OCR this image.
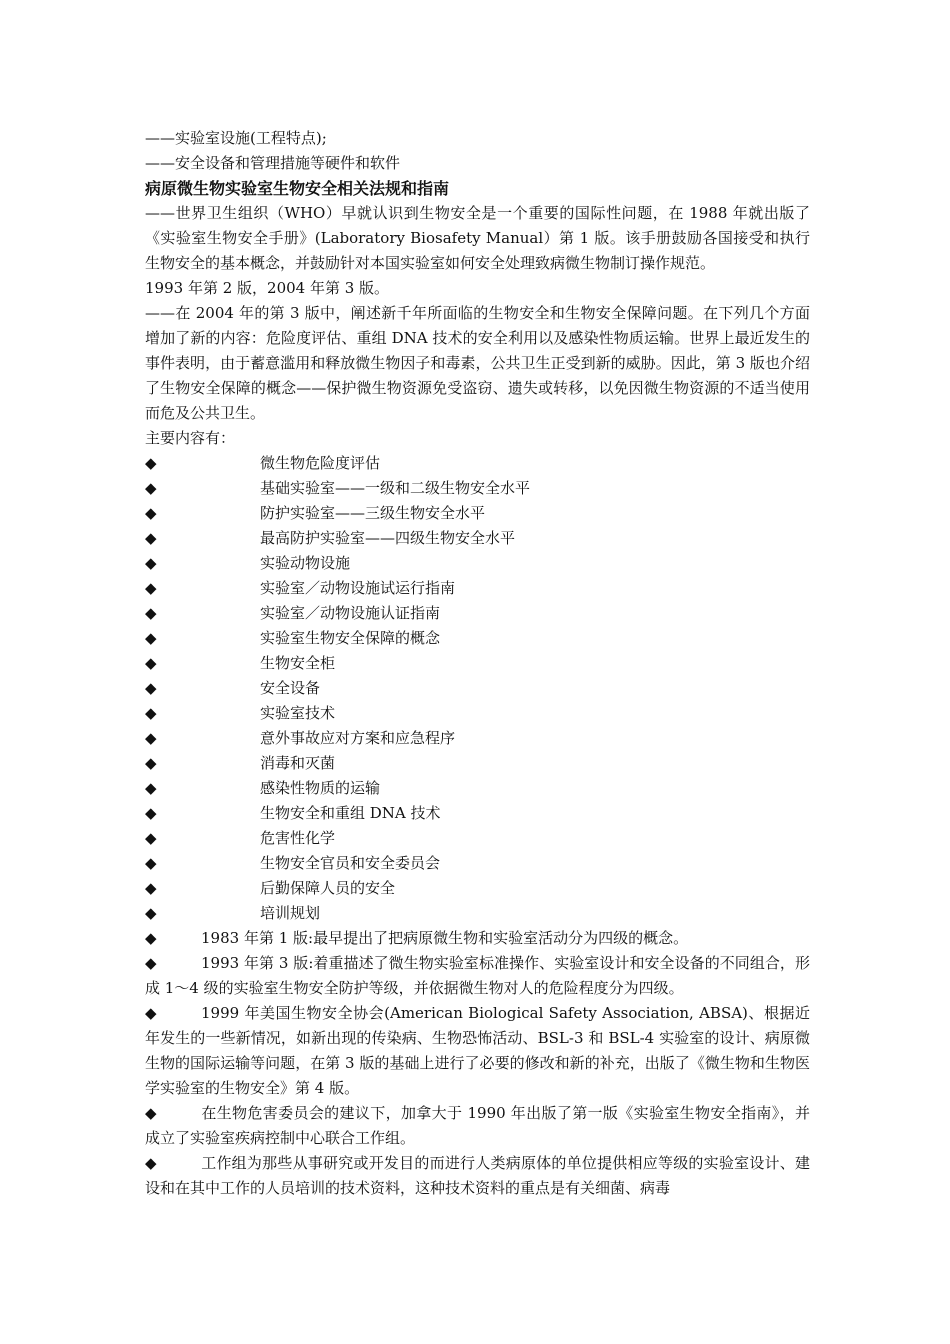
——实验室设施(工程特点);

——安全设备和管理措施等硬件和软件

病原微生物实验室生物安全相关法规和指南

——世界卫生组织（WHO）早就认识到生物安全是一个重要的国际性问题，在 1988 年就出版了《实验室生物安全手册》(Laboratory Biosafety Manual）第 1 版。该手册鼓励各国接受和执行生物安全的基本概念，并鼓励针对本国实验室如何安全处理致病微生物制订操作规范。

1993 年第 2 版，2004 年第 3 版。

——在 2004 年的第 3 版中，阐述新千年所面临的生物安全和生物安全保障问题。在下列几个方面增加了新的内容：危险度评估、重组 DNA 技术的安全利用以及感染性物质运输。世界上最近发生的事件表明，由于蓄意滥用和释放微生物因子和毒素，公共卫生正受到新的威胁。因此，第 3 版也介绍了生物安全保障的概念——保护微生物资源免受盗窃、遗失或转移，以免因微生物资源的不适当使用而危及公共卫生。

主要内容有：

◆	微生物危险度评估
◆	基础实验室——一级和二级生物安全水平
◆	防护实验室——三级生物安全水平
◆	最高防护实验室——四级生物安全水平
◆	实验动物设施
◆	实验室／动物设施试运行指南
◆	实验室／动物设施认证指南
◆	实验室生物安全保障的概念
◆	生物安全柜
◆	安全设备
◆	实验室技术
◆	意外事故应对方案和应急程序
◆	消毒和灭菌
◆	感染性物质的运输
◆	生物安全和重组 DNA 技术
◆	危害性化学
◆	生物安全官员和安全委员会
◆	后勤保障人员的安全
◆	培训规划

◆	1983 年第 1 版:最早提出了把病原微生物和实验室活动分为四级的概念。

◆	1993 年第 3 版:着重描述了微生物实验室标准操作、实验室设计和安全设备的不同组合，形成 1～4 级的实验室生物安全防护等级，并依据微生物对人的危险程度分为四级。

◆	1999 年美国生物安全协会(American Biological Safety Association, ABSA)、根据近年发生的一些新情况，如新出现的传染病、生物恐怖活动、BSL-3 和 BSL-4 实验室的设计、病原微生物的国际运输等问题，在第 3 版的基础上进行了必要的修改和新的补充，出版了《微生物和生物医学实验室的生物安全》第 4 版。

◆	在生物危害委员会的建议下，加拿大于 1990 年出版了第一版《实验室生物安全指南》，并成立了实验室疾病控制中心联合工作组。

◆	工作组为那些从事研究或开发目的而进行人类病原体的单位提供相应等级的实验室设计、建设和在其中工作的人员培训的技术资料，这种技术资料的重点是有关细菌、病毒
